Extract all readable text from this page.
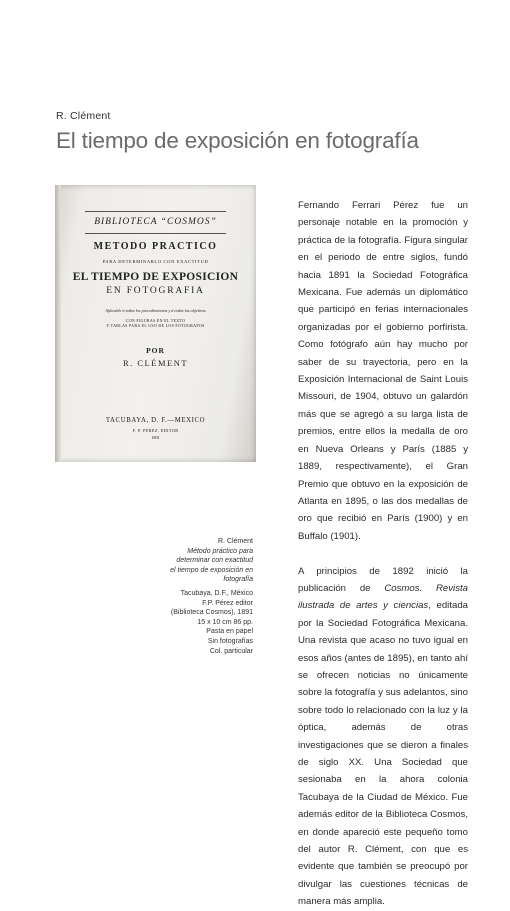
R. Clément
El tiempo de exposición en fotografía
BIBLIOTECA “COSMOS”
METODO PRACTICO
PARA DETERMINARLO CON EXACTITUD
EL TIEMPO DE EXPOSICION
EN FOTOGRAFIA
Aplicable á todos los procedimientos y á todos los objetivos
CON FIGURAS EN EL TEXTO
Y TABLAS PARA EL USO DE LOS FOTOGRAFOS
POR
R. CLÉMENT
TACUBAYA, D. F.—MEXICO
F. P. PEREZ, EDITOR
1891
R. Clément
Método práctico para
determinar con exactitud
el tiempo de exposición en
fotografía
Tacubaya, D.F., México
F.P. Pérez editor
(Biblioteca Cosmos), 1891
15 x 10 cm 86 pp.
Pasta en papel
Sin fotografías
Col. particular

Fernando Ferrari Pérez fue un personaje notable en la promoción y práctica de la fotografía. Figura singular en el periodo de entre siglos, fundó hacia 1891 la Sociedad Fotográfica Mexicana. Fue además un diplomático que participó en ferias internacionales organizadas por el gobierno porfirista. Como fotógrafo aún hay mucho por saber de su trayectoria, pero en la Exposición Internacional de Saint Louis Missouri, de 1904, obtuvo un galardón más que se agregó a su larga lista de premios, entre ellos la medalla de oro en Nueva Orleans y París (1885 y 1889, respectivamente), el Gran Premio que obtuvo en la exposición de Atlanta en 1895, o las dos medallas de oro que recibió en París (1900) y en Buffalo (1901).

A principios de 1892 inició la publicación de Cosmos. Revista ilustrada de artes y ciencias, editada por la Sociedad Fotográfica Mexicana. Una revista que acaso no tuvo igual en esos años (antes de 1895), en tanto ahí se ofrecen noticias no únicamente sobre la fotografía y sus adelantos, sino sobre todo lo relacionado con la luz y la óptica, además de otras investigaciones que se dieron a finales de siglo XX. Una Sociedad que sesionaba en la ahora colonia Tacubaya de la Ciudad de México. Fue además editor de la Biblioteca Cosmos, en donde apareció este pequeño tomo del autor R. Clément, con que es evidente que también se preocupó por divulgar las cuestiones técnicas de manera más amplia.
